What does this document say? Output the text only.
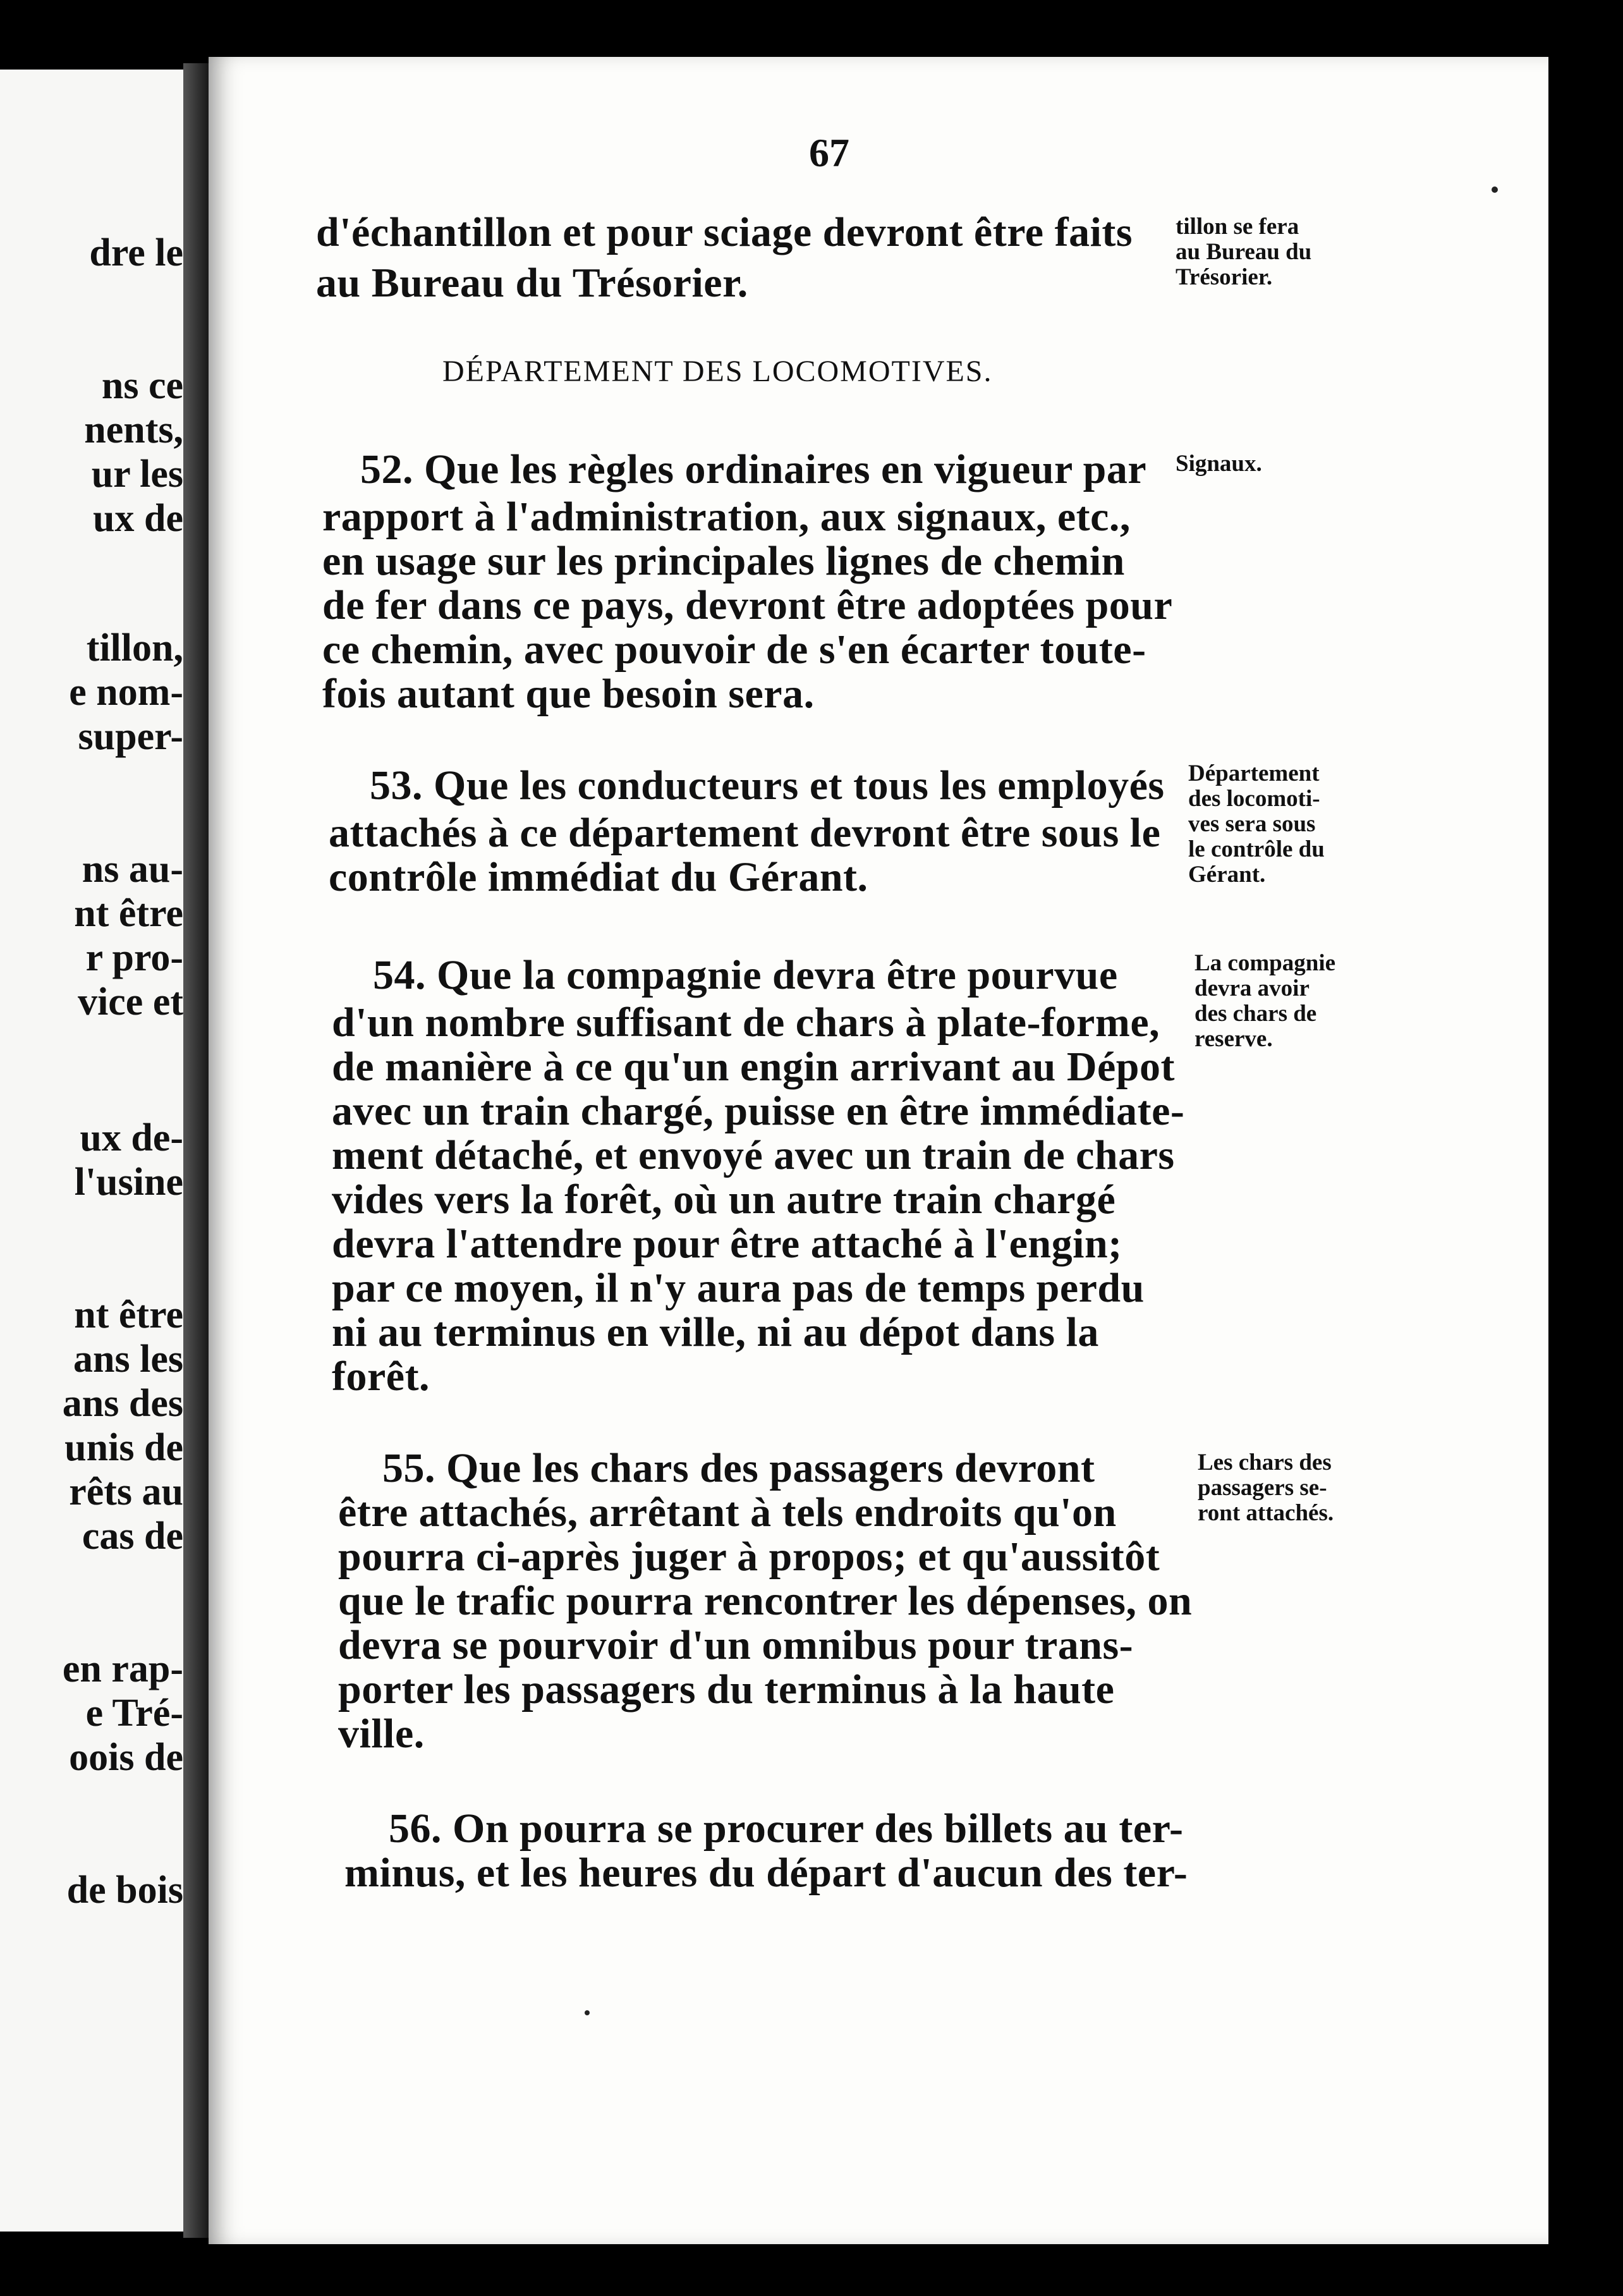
dre le
ns ce
nents,
ur les
ux de
tillon,
e nom-
super-
ns au-
nt être
r pro-
vice et
ux de-
l'usine
nt être
ans les
ans des
unis de
rêts au
cas de
en rap-
e Tré-
oois de
de bois
67
d'échantillon et pour sciage devront être faits
au Bureau du Trésorier.
tillon se fera
au Bureau du
Trésorier.
DÉPARTEMENT DES LOCOMOTIVES.
52. Que les règles ordinaires en vigueur par
rapport à l'administration, aux signaux, etc.,
en usage sur les principales lignes de chemin
de fer dans ce pays, devront être adoptées pour
ce chemin, avec pouvoir de s'en écarter toute-
fois autant que besoin sera.
Signaux.
53. Que les conducteurs et tous les employés
attachés à ce département devront être sous le
contrôle immédiat du Gérant.
Département
des locomoti-
ves sera sous
le contrôle du
Gérant.
54. Que la compagnie devra être pourvue
d'un nombre suffisant de chars à plate-forme,
de manière à ce qu'un engin arrivant au Dépot
avec un train chargé, puisse en être immédiate-
ment détaché, et envoyé avec un train de chars
vides vers la forêt, où un autre train chargé
devra l'attendre pour être attaché à l'engin;
par ce moyen, il n'y aura pas de temps perdu
ni au terminus en ville, ni au dépot dans la
forêt.
La compagnie
devra avoir
des chars de
reserve.
55. Que les chars des passagers devront
être attachés, arrêtant à tels endroits qu'on
pourra ci-après juger à propos; et qu'aussitôt
que le trafic pourra rencontrer les dépenses, on
devra se pourvoir d'un omnibus pour trans-
porter les passagers du terminus à la haute
ville.
Les chars des
passagers se-
ront attachés.
56. On pourra se procurer des billets au ter-
minus, et les heures du départ d'aucun des ter-
